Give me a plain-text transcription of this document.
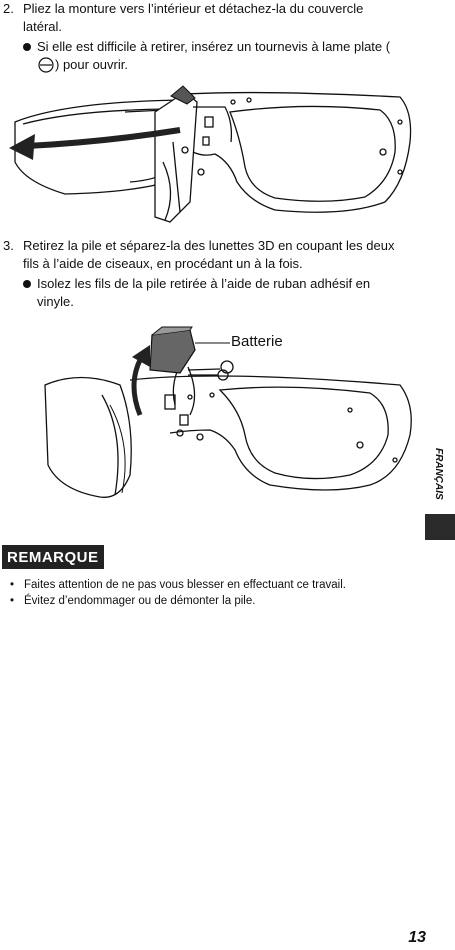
2. Pliez la monture vers l’intérieur et détachez-la du couvercle latéral.
Si elle est difficile à retirer, insérez un tournevis à lame plate () pour ouvrir.
3. Retirez la pile et séparez-la des lunettes 3D en coupant les deux fils à l’aide de ciseaux, en procédant un à la fois.
Isolez les fils de la pile retirée à l’aide de ruban adhésif en vinyle.
Batterie
FRANÇAIS
REMARQUE
• Faites attention de ne pas vous blesser en effectuant ce travail.
• Évitez d’endommager ou de démonter la pile.
13
